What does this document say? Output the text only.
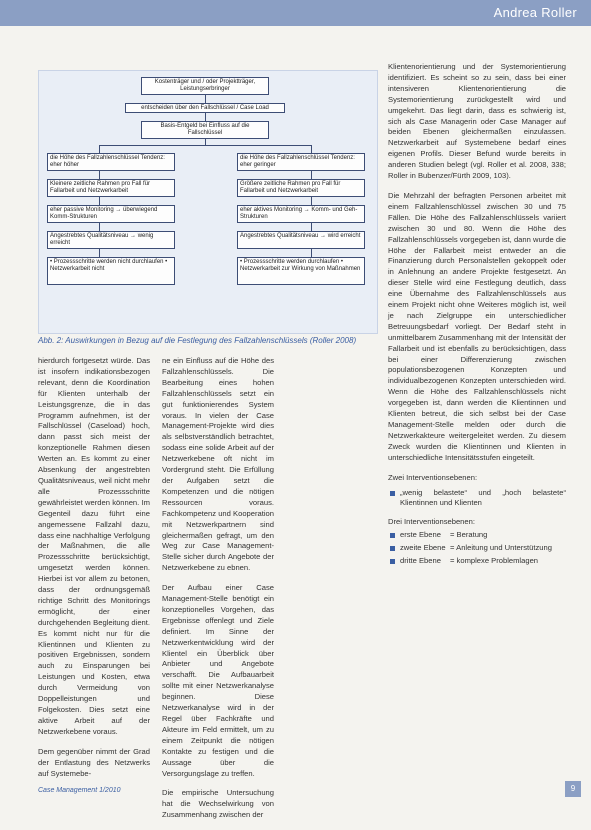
Andrea Roller
Kostenträger und / oder Projektträger, Leistungserbringer
entscheiden über den Fallschlüssel / Case Load
Basis-Entgeld bei Einfluss auf die Fallschlüssel
die Höhe des Fallzahlenschlüssel Tendenz: eher höher
die Höhe des Fallzahlenschlüssel Tendenz: eher geringer
Kleinere zeitliche Rahmen pro Fall für Fallarbeit und Netzwerkarbeit
Größere zeitliche Rahmen pro Fall für Fallarbeit und Netzwerkarbeit
eher passive Monitoring → überwiegend Komm-Strukturen
eher aktives Monitoring → Komm- und Geh-Strukturen
Angestrebtes Qualitätsniveau → wenig erreicht
Angestrebtes Qualitätsniveau → wird erreicht
• Prozessschritte werden nicht durchlaufen • Netzwerkarbeit nicht
• Prozessschritte werden durchlaufen • Netzwerkarbeit zur Wirkung von Maßnahmen
Abb. 2: Auswirkungen in Bezug auf die Festlegung des Fallzahlenschlüssels (Roller 2008)

hierdurch fortgesetzt würde. Das ist insofern indikationsbezogen relevant, denn die Koordination für Klienten unterhalb der Leistungsgrenze, die in das Programm aufnehmen, ist der Fallschlüssel (Caseload) hoch, dann passt sich meist der konzeptionelle Rahmen diesen Werten an. Es kommt zu einer Absenkung der angestrebten Qualitätsniveaus, weil nicht mehr alle Prozessschritte gewährleistet werden können. Im Gegenteil dazu führt eine angemessene Fallzahl dazu, dass eine nachhaltige Verfolgung der Maßnahmen, die alle Prozessschritte berücksichtigt, umgesetzt werden können. Hierbei ist vor allem zu betonen, dass der ordnungsgemäß richtige Schritt des Monitorings ermöglicht, der einer durchgehenden Begleitung dient. Es kommt nicht nur für die Klientinnen und Klienten zu positiven Ergebnissen, sondern auch zu Einsparungen bei Leistungen und Kosten, etwa durch Vermeidung von Doppelleistungen und Folgekosten. Dies setzt eine aktive Arbeit auf der Netzwerkebene voraus.

Dem gegenüber nimmt der Grad der Entlastung des Netzwerks auf Systemebe-

ne ein Einfluss auf die Höhe des Fallzahlenschlüssels. Die Bearbeitung eines hohen Fallzahlenschlüssels setzt ein gut funktionierendes System voraus. In vielen der Case Management-Projekte wird dies als selbstverständlich betrachtet, sodass eine solide Arbeit auf der Netzwerkebene oft nicht im Vordergrund steht. Die Erfüllung der Aufgaben setzt die Kompetenzen und die nötigen Ressourcen voraus. Fachkompetenz und Kooperation mit Netzwerkpartnern sind gleichermaßen gefragt, um den Weg zur Case Management-Stelle sicher durch Angebote der Netzwerkebene zu ebnen.

Der Aufbau einer Case Management-Stelle benötigt ein konzeptionelles Vorgehen, das Ergebnisse offenlegt und Ziele definiert. Im Sinne der Netzwerkentwicklung wird der Klientel ein Überblick über Anbieter und Angebote verschafft. Die Aufbauarbeit sollte mit einer Netzwerkanalyse beginnen. Diese Netzwerkanalyse wird in der Regel über Fachkräfte und Akteure im Feld ermittelt, um zu einem Zeitpunkt die nötigen Kontakte zu festigen und die Aussage über die Versorgungslage zu treffen.

Die empirische Untersuchung hat die Wechselwirkung von Zusammenhang zwischen der

Klientenorientierung und der Systemorientierung identifiziert. Es scheint so zu sein, dass bei einer intensiveren Klientenorientierung die Systemorientierung zurückgestellt wird und umgekehrt. Das liegt darin, dass es schwierig ist, sich als Case Managerin oder Case Manager auf beiden Ebenen gleichermaßen einzulassen. Netzwerkarbeit auf Systemebene bedarf eines eigenen Profils. Dieser Befund wurde bereits in anderen Studien belegt (vgl. Roller et al. 2008, 338; Roller in Bubenzer/Fürth 2009, 103).

Die Mehrzahl der befragten Personen arbeitet mit einem Fallzahlenschlüssel zwischen 30 und 75 Fällen. Die Höhe des Fallzahlenschlüssels variiert zwischen 30 und 80. Wenn die Höhe des Fallzahlenschlüssels vorgegeben ist, dann wurde die Höhe der Fallarbeit meist entweder an die Finanzierung durch Personalstellen gekoppelt oder in Anlehnung an andere Projekte festgesetzt. An dieser Stelle wird eine Festlegung deutlich, dass eine Übernahme des Fallzahlenschlüssels aus einem Projekt nicht ohne Weiteres möglich ist, weil je nach Zielgruppe ein unterschiedlicher Betreuungsbedarf vorliegt. Der Bedarf steht in unmittelbarem Zusammenhang mit der Intensität der Fallarbeit und ist ebenfalls zu berücksichtigen, dass bei einer Differenzierung zwischen populationsbezogenen Konzepten und individualbezogenen Konzepten unterschieden wird. Wenn die Höhe des Fallzahlenschlüssels nicht vorgegeben ist, dann werden die Klientinnen und Klienten betreut, die sich selbst bei der Case Management-Stelle melden oder durch die Netzwerkakteure weitergeleitet werden. Zu diesem Zweck wurden die Klientinnen und Klienten in unterschiedliche Intensitätsstufen eingeteilt.

Zwei Interventionsebenen:

„wenig belastete“ und „hoch belastete“ Klientinnen und Klienten

Drei Interventionsebenen:

erste Ebene	= Beratung
zweite Ebene = Anleitung und Unterstützung
dritte Ebene	= komplexe Problemlagen
Case Management 1/2010	9
